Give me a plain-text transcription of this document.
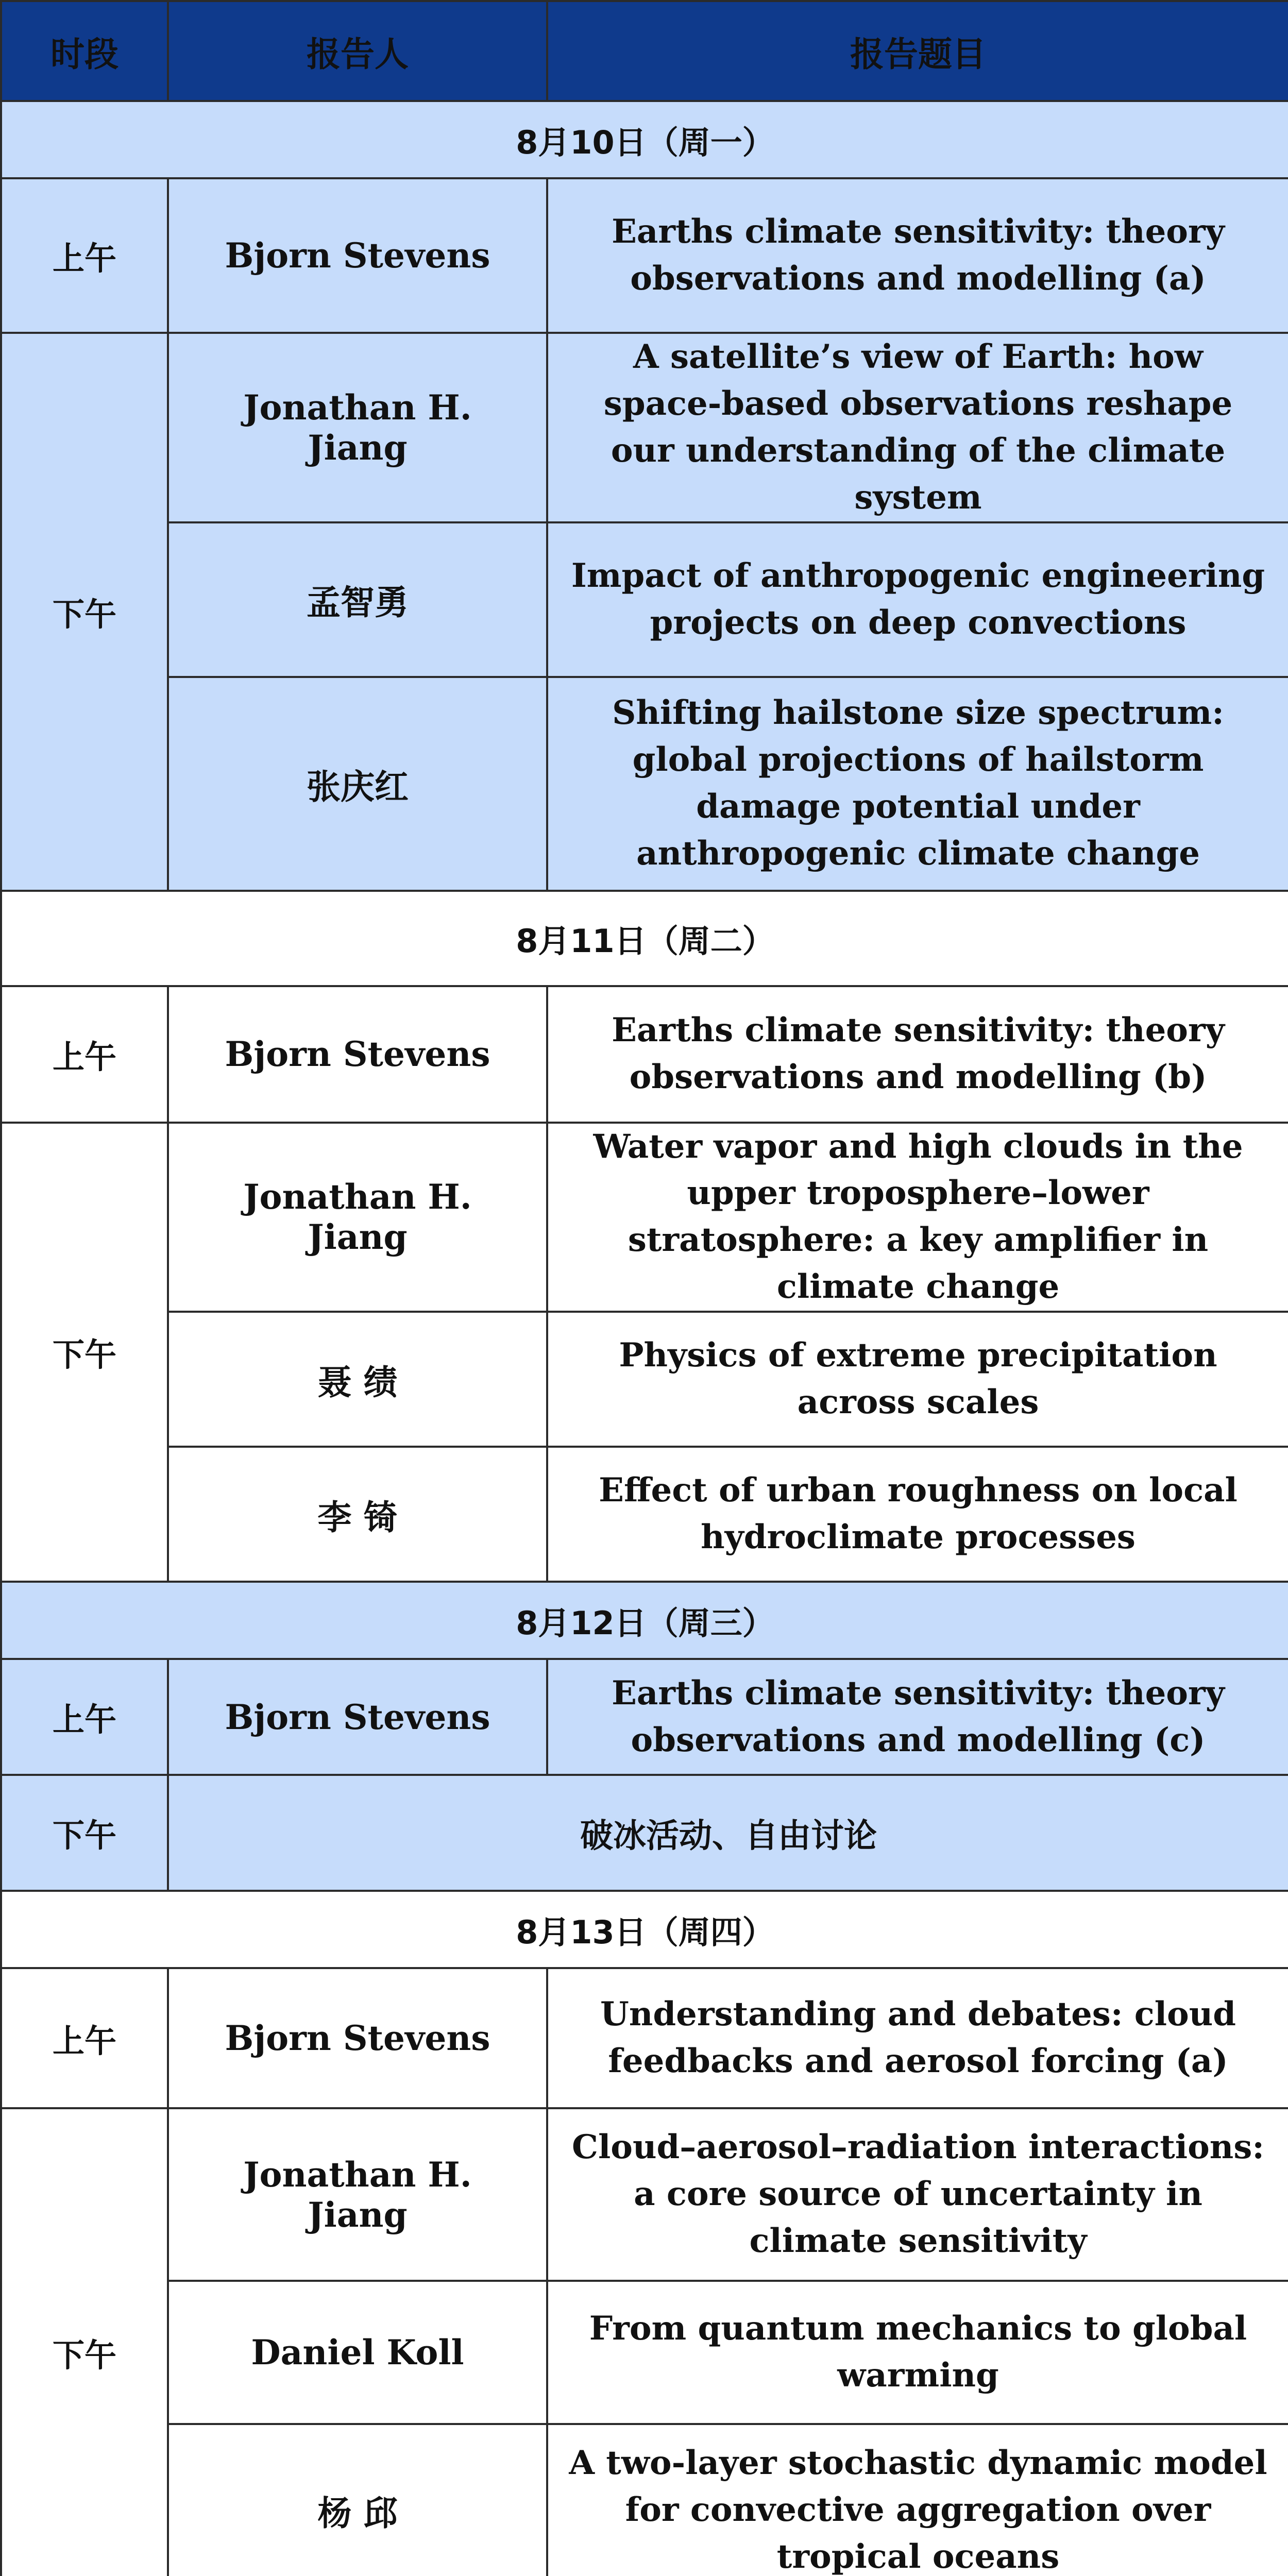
时段	报告人	报告题目
8月10日（周一）		
上午	Bjorn Stevens	Earths climate sensitivity: theory observations and modelling (a)
下午	Jonathan H. Jiang	A satellite’s view of Earth: how space-based observations reshape our understanding of the climate system
	孟智勇	Impact of anthropogenic engineering projects on deep convections
	张庆红	Shifting hailstone size spectrum: global projections of hailstorm damage potential under anthropogenic climate change
8月11日（周二）		
上午	Bjorn Stevens	Earths climate sensitivity: theory observations and modelling (b)
下午	Jonathan H. Jiang	Water vapor and high clouds in the upper troposphere–lower stratosphere: a key amplifier in climate change
	聂 绩	Physics of extreme precipitation across scales
	李 锜	Effect of urban roughness on local hydroclimate processes
8月12日（周三）		
上午	Bjorn Stevens	Earths climate sensitivity: theory observations and modelling (c)
下午	破冰活动、自由讨论	
8月13日（周四）		
上午	Bjorn Stevens	Understanding and debates: cloud feedbacks and aerosol forcing (a)
下午	Jonathan H. Jiang	Cloud–aerosol–radiation interactions: a core source of uncertainty in climate sensitivity
	Daniel Koll	From quantum mechanics to global warming
	杨 邱	A two-layer stochastic dynamic model for convective aggregation over tropical oceans
